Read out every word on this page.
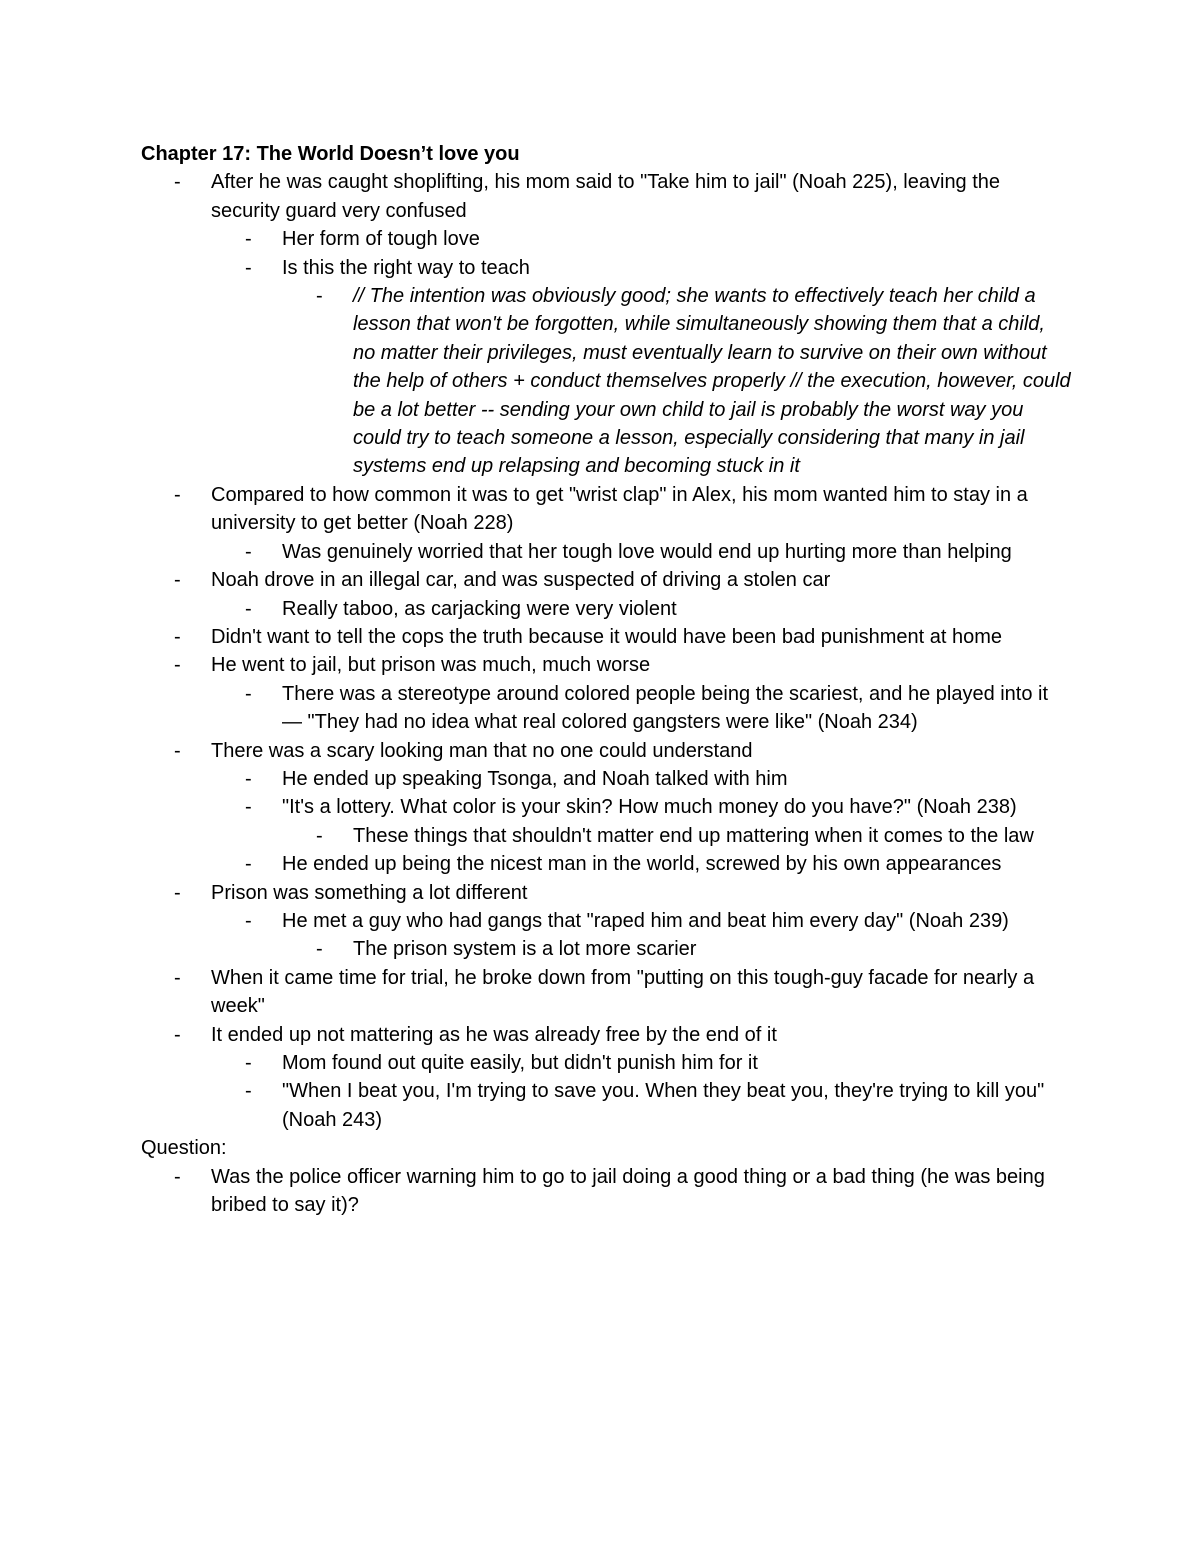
Chapter 17: The World Doesn’t love you

- After he was caught shoplifting, his mom said to "Take him to jail" (Noah 225), leaving the security guard very confused
- Her form of tough love
- Is this the right way to teach
- // The intention was obviously good; she wants to effectively teach her child a lesson that won't be forgotten, while simultaneously showing them that a child, no matter their privileges, must eventually learn to survive on their own without the help of others + conduct themselves properly // the execution, however, could be a lot better -- sending your own child to jail is probably the worst way you could try to teach someone a lesson, especially considering that many in jail systems end up relapsing and becoming stuck in it
- Compared to how common it was to get "wrist clap" in Alex, his mom wanted him to stay in a university to get better (Noah 228)
- Was genuinely worried that her tough love would end up hurting more than helping
- Noah drove in an illegal car, and was suspected of driving a stolen car
- Really taboo, as carjacking were very violent
- Didn't want to tell the cops the truth because it would have been bad punishment at home
- He went to jail, but prison was much, much worse
- There was a stereotype around colored people being the scariest, and he played into it — "They had no idea what real colored gangsters were like" (Noah 234)
- There was a scary looking man that no one could understand
- He ended up speaking Tsonga, and Noah talked with him
- "It's a lottery. What color is your skin? How much money do you have?" (Noah 238)
- These things that shouldn't matter end up mattering when it comes to the law
- He ended up being the nicest man in the world, screwed by his own appearances
- Prison was something a lot different
- He met a guy who had gangs that "raped him and beat him every day" (Noah 239)
- The prison system is a lot more scarier
- When it came time for trial, he broke down from "putting on this tough-guy facade for nearly a week"
- It ended up not mattering as he was already free by the end of it
- Mom found out quite easily, but didn't punish him for it
- "When I beat you, I'm trying to save you. When they beat you, they're trying to kill you" (Noah 243)

Question:

- Was the police officer warning him to go to jail doing a good thing or a bad thing (he was being bribed to say it)?
